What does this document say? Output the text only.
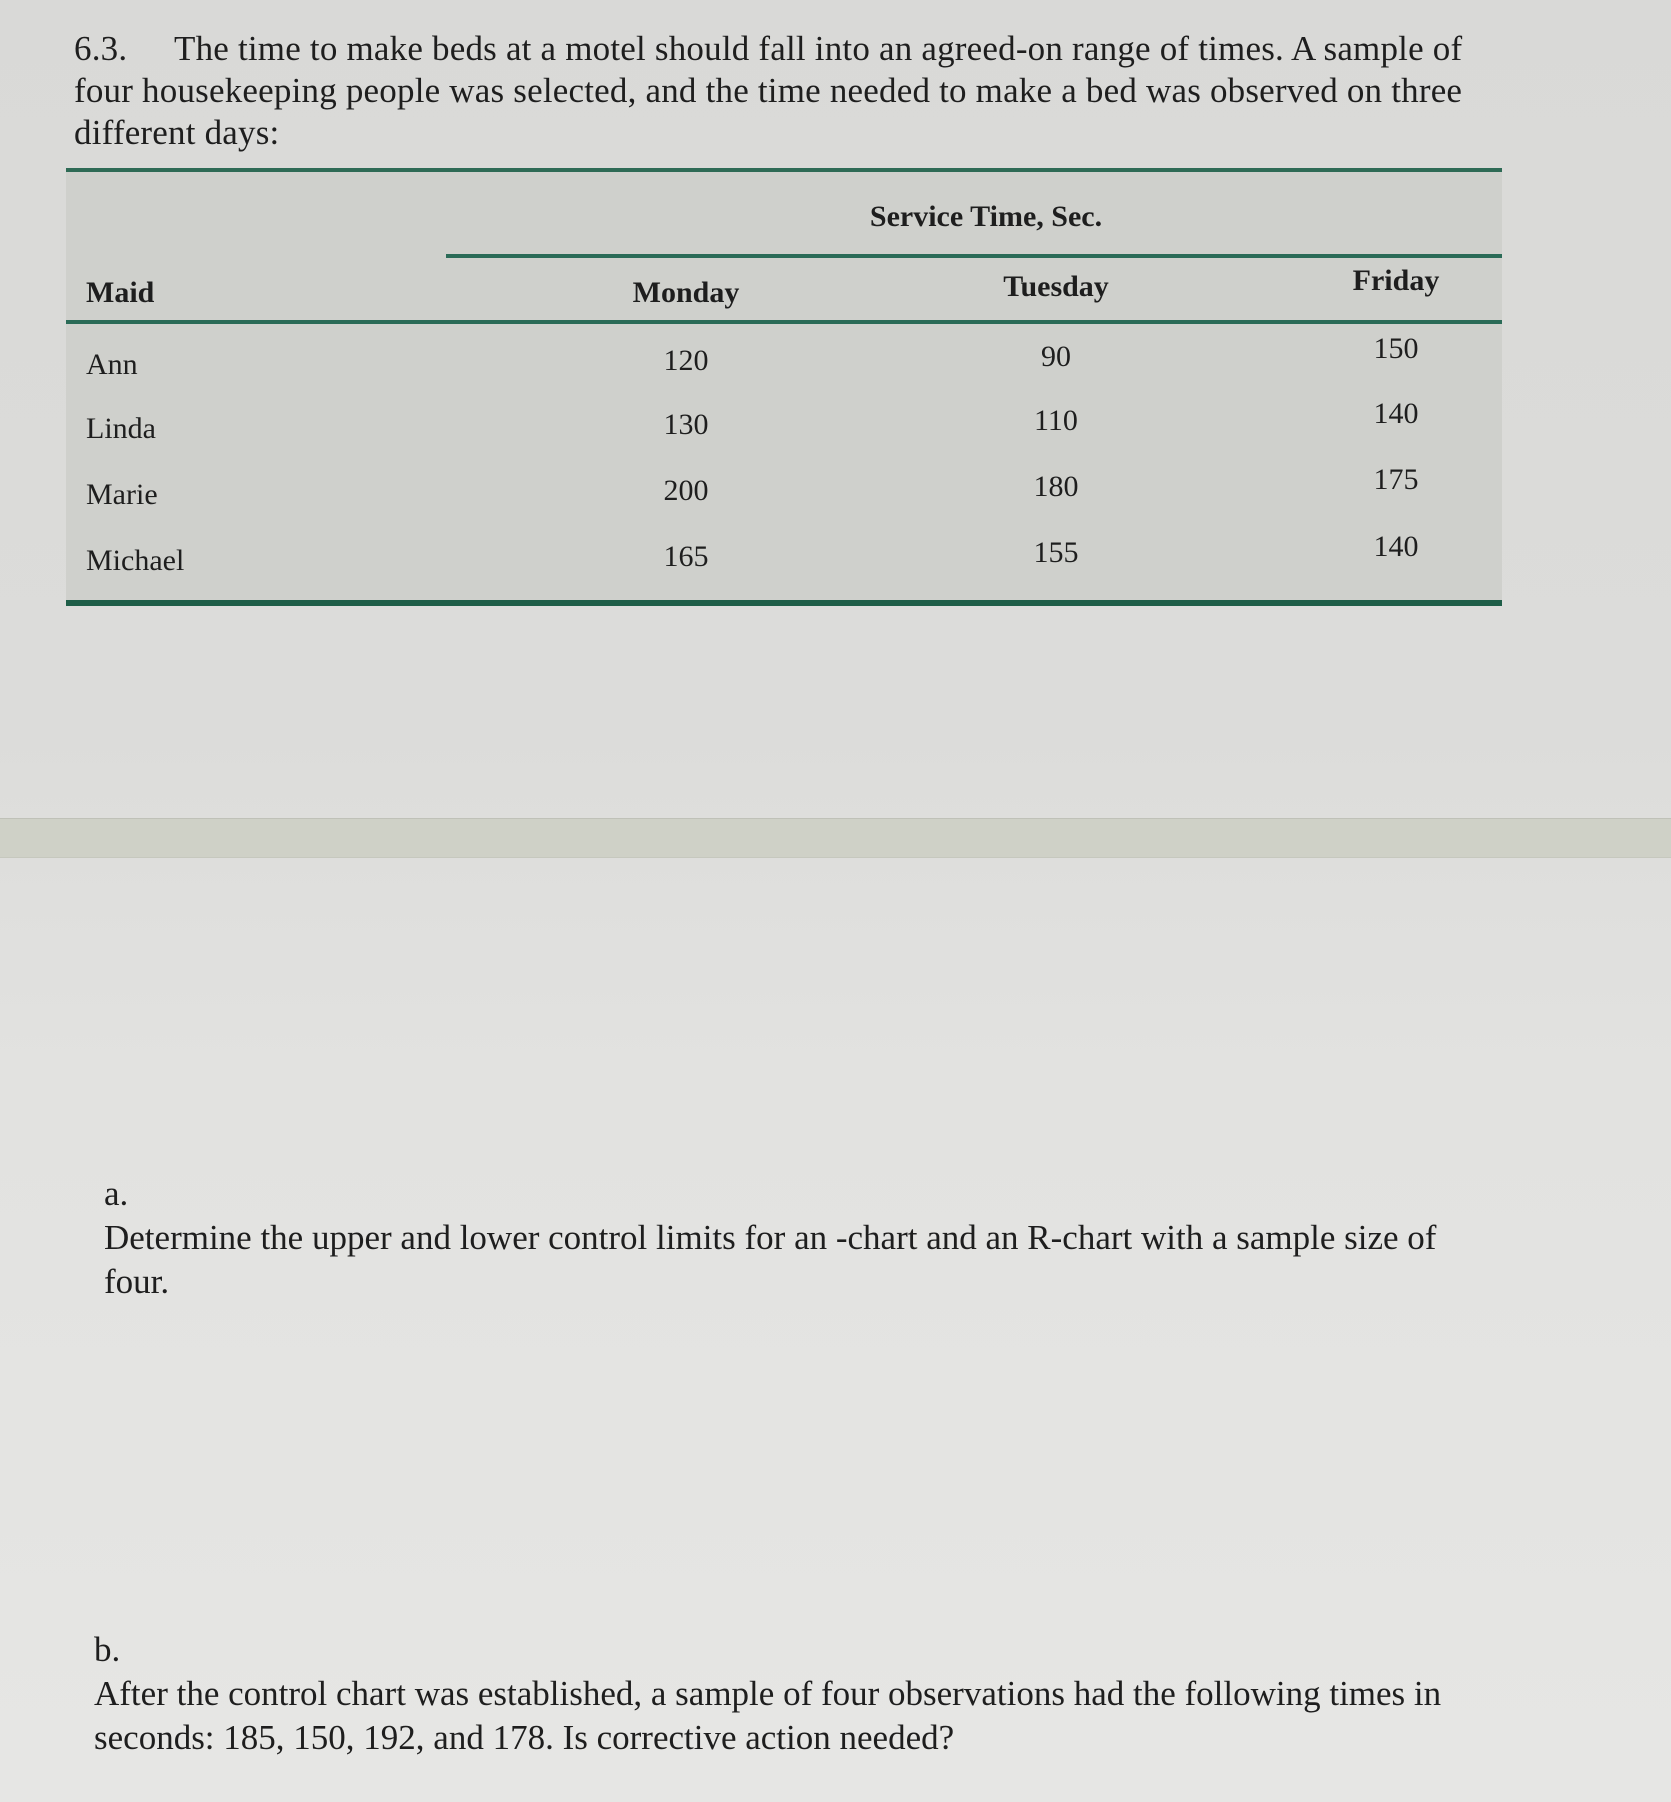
6.3. The time to make beds at a motel should fall into an agreed-on range of times. A sample of four housekeeping people was selected, and the time needed to make a bed was observed on three different days:
Service Time, Sec.
Maid	Monday	Tuesday	Friday
Ann	120	90	150
Linda	130	110	140
Marie	200	180	175
Michael	165	155	140
a.Determine the upper and lower control limits for an -chart and an R-chart with a sample size of four.
b.After the control chart was established, a sample of four observations had the following times in seconds: 185, 150, 192, and 178. Is corrective action needed?
